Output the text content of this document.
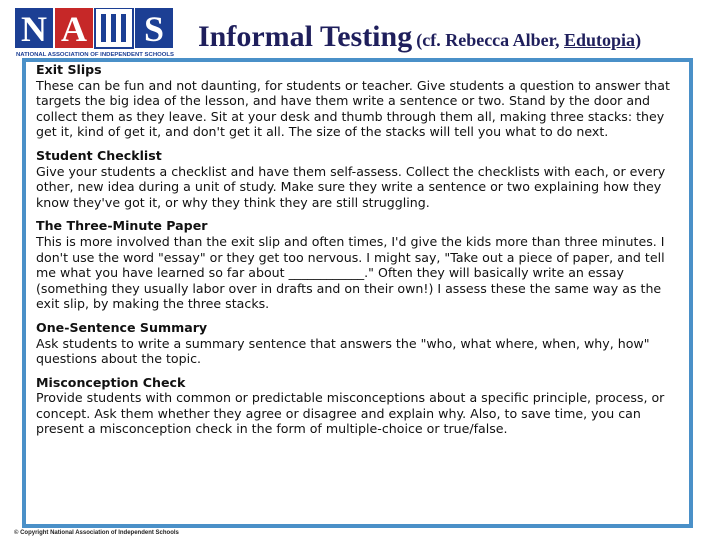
N A S
NATIONAL ASSOCIATION OF INDEPENDENT SCHOOLS
Informal Testing (cf. Rebecca Alber, Edutopia)
Exit Slips
These can be fun and not daunting, for students or teacher. Give students a question to answer that targets the big idea of the lesson, and have them write a sentence or two. Stand by the door and collect them as they leave. Sit at your desk and thumb through them all, making three stacks: they get it, kind of get it, and don't get it all. The size of the stacks will tell you what to do next.
Student Checklist
Give your students a checklist and have them self-assess. Collect the checklists with each, or every other, new idea during a unit of study. Make sure they write a sentence or two explaining how they know they've got it, or why they think they are still struggling.
The Three-Minute Paper
This is more involved than the exit slip and often times, I'd give the kids more than three minutes. I don't use the word "essay" or they get too nervous. I might say, "Take out a piece of paper, and tell me what you have learned so far about ____________." Often they will basically write an essay (something they usually labor over in drafts and on their own!) I assess these the same way as the exit slip, by making the three stacks.
One-Sentence Summary
Ask students to write a summary sentence that answers the "who, what where, when, why, how" questions about the topic.
Misconception Check
Provide students with common or predictable misconceptions about a specific principle, process, or concept. Ask them whether they agree or disagree and explain why. Also, to save time, you can present a misconception check in the form of multiple-choice or true/false.
© Copyright National Association of Independent Schools
